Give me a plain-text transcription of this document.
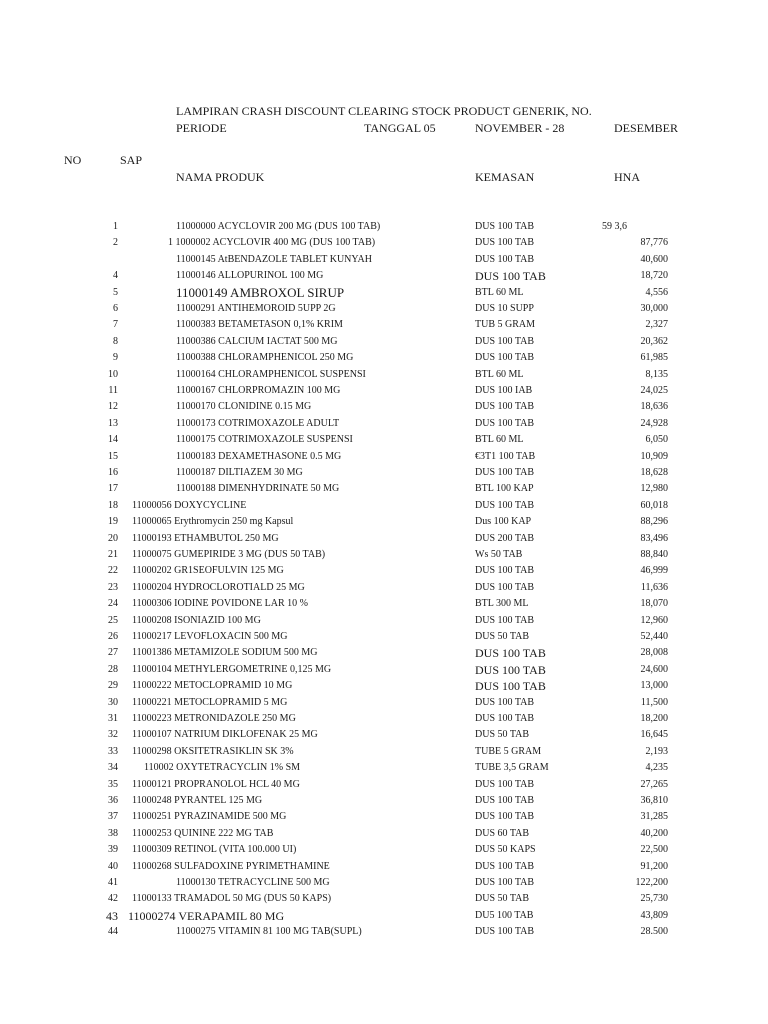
LAMPIRAN CRASH DISCOUNT CLEARING STOCK PRODUCT GENERIK, NO.
PERIODE	TANGGAL 05	NOVEMBER - 28	DESEMBER
NO	SAP
NAMA PRODUK	KEMASAN	HNA
1	11000000 ACYCLOVIR 200 MG (DUS 100 TAB)	DUS 100 TAB	59 3,6
2	1 1000002 ACYCLOVIR 400 MG (DUS 100 TAB)	DUS 100 TAB	87,776
11000145 AtBENDAZOLE TABLET KUNYAH	DUS 100 TAB	40,600
4	11000146 ALLOPURINOL 100 MG	DUS 100 TAB	18,720
5	11000149 AMBROXOL SIRUP	BTL 60 ML	4,556
6	11000291 ANTIHEMOROID 5UPP 2G	DUS 10 SUPP	30,000
7	11000383 BETAMETASON 0,1% KRIM	TUB 5 GRAM	2,327
8	11000386 CALCIUM IACTAT 500 MG	DUS 100 TAB	20,362
9	11000388 CHLORAMPHENICOL 250 MG	DUS 100 TAB	61,985
10	11000164 CHLORAMPHENICOL SUSPENSI	BTL 60 ML	8,135
11	11000167 CHLORPROMAZIN 100 MG	DUS 100 IAB	24,025
12	11000170 CLONIDINE 0.15 MG	DUS 100 TAB	18,636
13	11000173 COTRIMOXAZOLE ADULT	DUS 100 TAB	24,928
14	11000175 COTRIMOXAZOLE SUSPENSI	BTL 60 ML	6,050
15	11000183 DEXAMETHASONE 0.5 MG	€3T1 100 TAB	10,909
16	11000187 DILTIAZEM 30 MG	DUS 100 TAB	18,628
17	11000188 DIMENHYDRINATE 50 MG	BTL 100 KAP	12,980
18 11000056 DOXYCYCLINE	DUS 100 TAB	60,018
19 11000065 Erythromycin 250 mg Kapsul	Dus 100 KAP	88,296
20 11000193 ETHAMBUTOL 250 MG	DUS 200 TAB	83,496
21 11000075 GUMEPIRIDE 3 MG (DUS 50 TAB)	Ws 50 TAB	88,840
22 11000202 GR1SEOFULVIN 125 MG	DUS 100 TAB	46,999
23 11000204 HYDROCLOROTIALD 25 MG	DUS 100 TAB	11,636
24 11000306 IODINE POVIDONE LAR 10 %	BTL 300 ML	18,070
25 11000208 ISONIAZID 100 MG	DUS 100 TAB	12,960
26 11000217 LEVOFLOXACIN 500 MG	DUS 50 TAB	52,440
27 11001386 METAMIZOLE SODIUM 500 MG	DUS 100 TAB	28,008
28 11000104 METHYLERGOMETRINE 0,125 MG	DUS 100 TAB	24,600
29 11000222 METOCLOPRAMID 10 MG	DUS 100 TAB	13,000
30 11000221 METOCLOPRAMID 5 MG	DUS 100 TAB	11,500
31 11000223 METRONIDAZOLE 250 MG	DUS 100 TAB	18,200
32 11000107 NATRIUM DIKLOFENAK 25 MG	DUS 50 TAB	16,645
33 11000298 OKSITETRASIKLIN SK 3%	TUBE 5 GRAM	2,193
34	110002 OXYTETRACYCLIN 1% SM	TUBE 3,5 GRAM	4,235
35 11000121 PROPRANOLOL HCL 40 MG	DUS 100 TAB	27,265
36 11000248 PYRANTEL 125 MG	DUS 100 TAB	36,810
37 11000251 PYRAZINAMIDE 500 MG	DUS 100 TAB	31,285
38 11000253 QUININE 222 MG TAB	DUS 60 TAB	40,200
39 11000309 RETINOL (VITA 100.000 UI)	DUS 50 KAPS	22,500
40 11000268 SULFADOXINE PYRIMETHAMINE	DUS 100 TAB	91,200
41	11000130 TETRACYCLINE 500 MG	DUS 100 TAB	122,200
42 11000133 TRAMADOL 50 MG (DUS 50 KAPS)	DUS 50 TAB	25,730
43 11000274 VERAPAMIL 80 MG	DU5 100 TAB	43,809
44	11000275 VITAMIN 81 100 MG TAB(SUPL)	DUS 100 TAB	28.500
